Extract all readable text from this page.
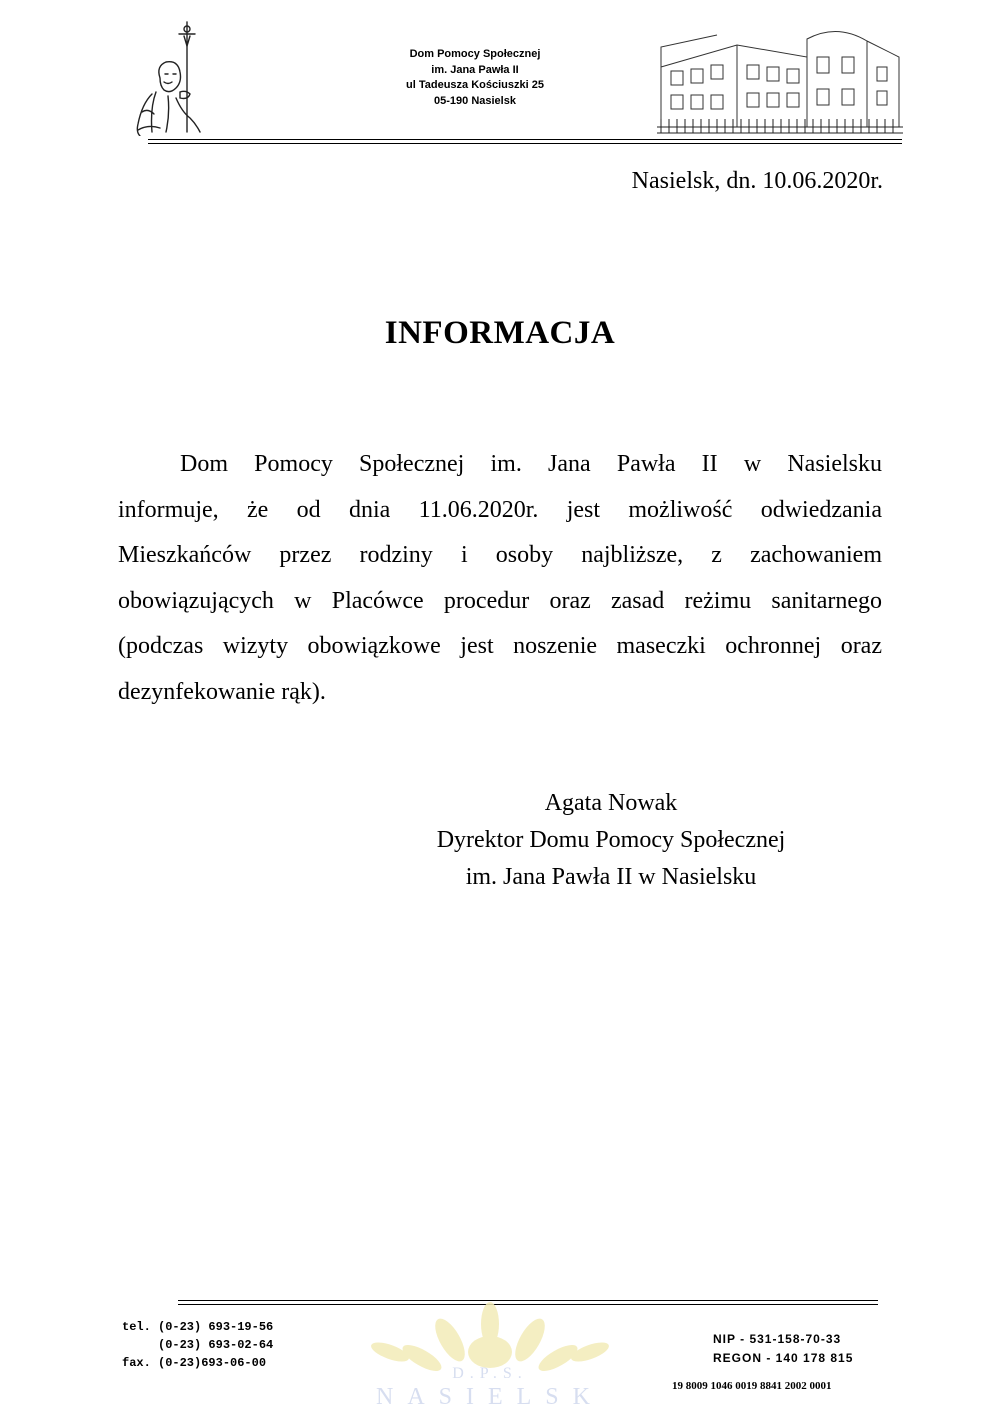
Dom Pomocy Społecznej
im. Jana Pawła II
ul Tadeusza Kościuszki 25
05-190 Nasielsk
Nasielsk, dn. 10.06.2020r.
INFORMACJA
Dom Pomocy Społecznej im. Jana Pawła II w Nasielsku
informuje, że od dnia 11.06.2020r. jest możliwość odwiedzania
Mieszkańców przez rodziny i osoby najbliższe, z zachowaniem
obowiązujących w Placówce procedur oraz zasad reżimu sanitarnego
(podczas wizyty obowiązkowe jest noszenie maseczki ochronnej oraz
dezynfekowanie rąk).
Agata Nowak
Dyrektor Domu Pomocy Społecznej
im. Jana Pawła II w Nasielsku
D.P.S.
NASIELSK
tel. (0-23) 693-19-56
(0-23) 693-02-64
fax. (0-23)693-06-00
NIP - 531-158-70-33
REGON - 140 178 815
19 8009 1046 0019 8841 2002 0001
